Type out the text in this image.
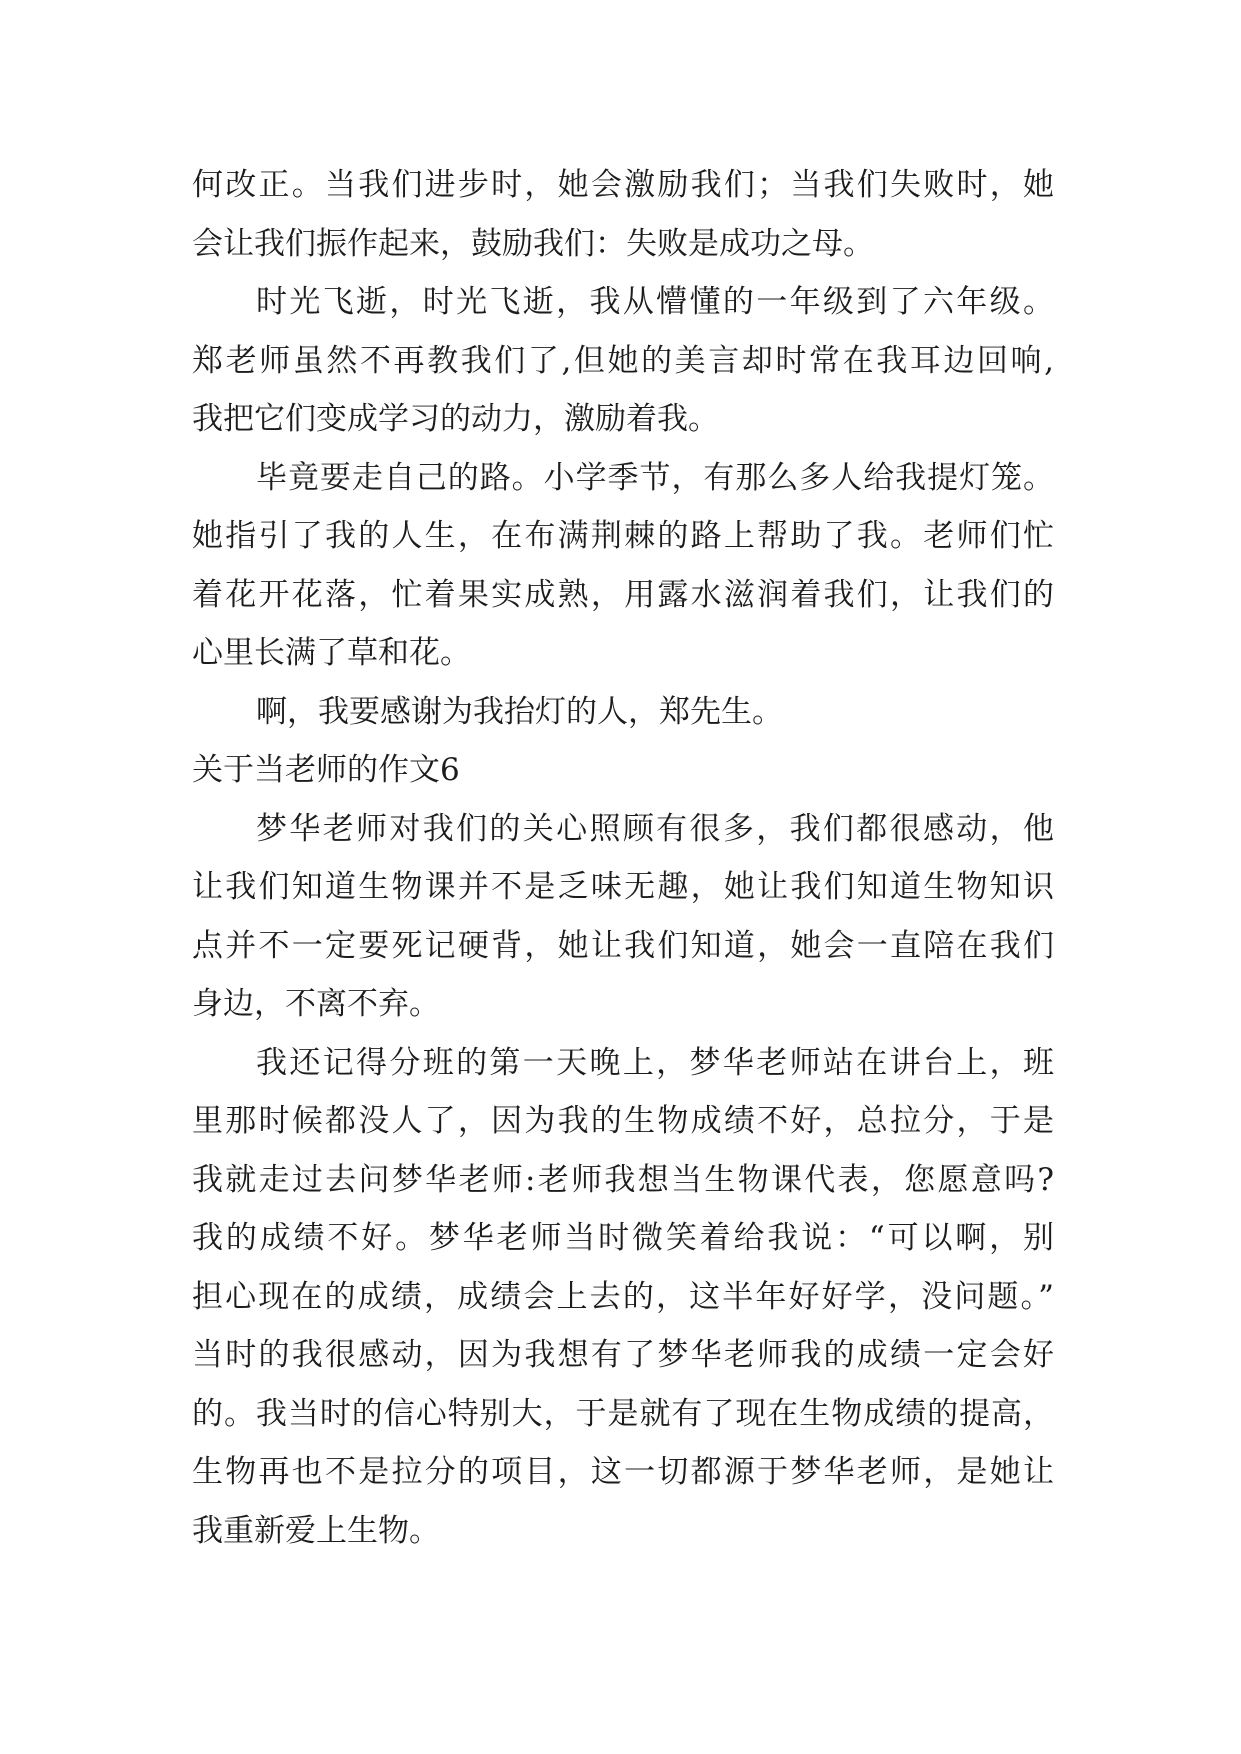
何改正。当我们进步时，她会激励我们；当我们失败时，她
会让我们振作起来，鼓励我们：失败是成功之母。
时光飞逝，时光飞逝，我从懵懂的一年级到了六年级。
郑老师虽然不再教我们了,但她的美言却时常在我耳边回响,
我把它们变成学习的动力，激励着我。
毕竟要走自己的路。小学季节，有那么多人给我提灯笼。
她指引了我的人生，在布满荆棘的路上帮助了我。老师们忙
着花开花落，忙着果实成熟，用露水滋润着我们，让我们的
心里长满了草和花。
啊，我要感谢为我抬灯的人，郑先生。
关于当老师的作文6
梦华老师对我们的关心照顾有很多，我们都很感动，他
让我们知道生物课并不是乏味无趣，她让我们知道生物知识
点并不一定要死记硬背，她让我们知道，她会一直陪在我们
身边，不离不弃。
我还记得分班的第一天晚上，梦华老师站在讲台上，班
里那时候都没人了，因为我的生物成绩不好，总拉分，于是
我就走过去问梦华老师:老师我想当生物课代表，您愿意吗?
我的成绩不好。梦华老师当时微笑着给我说：“可以啊，别
担心现在的成绩，成绩会上去的，这半年好好学，没问题。”
当时的我很感动，因为我想有了梦华老师我的成绩一定会好
的。我当时的信心特别大，于是就有了现在生物成绩的提高，
生物再也不是拉分的项目，这一切都源于梦华老师，是她让
我重新爱上生物。
